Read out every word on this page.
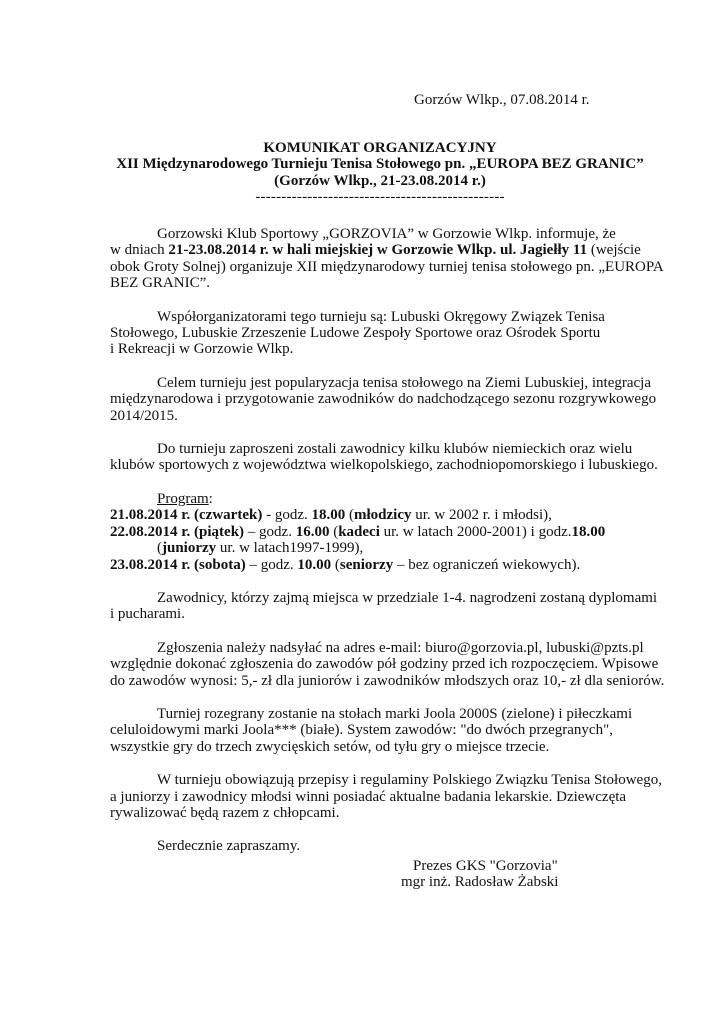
Gorzów Wlkp., 07.08.2014 r.
KOMUNIKAT ORGANIZACYJNY
XII Międzynarodowego Turnieju Tenisa Stołowego pn. „EUROPA BEZ GRANIC”
(Gorzów Wlkp., 21-23.08.2014 r.)
------------------------------------------------
Gorzowski Klub Sportowy „GORZOVIA” w Gorzowie Wlkp. informuje, że
w dniach 21-23.08.2014 r. w hali miejskiej w Gorzowie Wlkp. ul. Jagiełły 11 (wejście
obok Groty Solnej) organizuje XII międzynarodowy turniej tenisa stołowego pn. „EUROPA
BEZ GRANIC”.
Współorganizatorami tego turnieju są: Lubuski Okręgowy Związek Tenisa
Stołowego, Lubuskie Zrzeszenie Ludowe Zespoły Sportowe oraz Ośrodek Sportu
i Rekreacji w Gorzowie Wlkp.
Celem turnieju jest popularyzacja tenisa stołowego na Ziemi Lubuskiej, integracja
międzynarodowa i przygotowanie zawodników do nadchodzącego sezonu rozgrywkowego
2014/2015.
Do turnieju zaproszeni zostali zawodnicy kilku klubów niemieckich oraz wielu
klubów sportowych z województwa wielkopolskiego, zachodniopomorskiego i lubuskiego.
Program:
21.08.2014 r. (czwartek) - godz. 18.00 (młodzicy ur. w 2002 r. i młodsi),
22.08.2014 r. (piątek) – godz. 16.00 (kadeci ur. w latach 2000-2001) i godz.18.00
(juniorzy ur. w latach1997-1999),
23.08.2014 r. (sobota) – godz. 10.00 (seniorzy – bez ograniczeń wiekowych).
Zawodnicy, którzy zajmą miejsca w przedziale 1-4. nagrodzeni zostaną dyplomami
i pucharami.
Zgłoszenia należy nadsyłać na adres e-mail: biuro@gorzovia.pl, lubuski@pzts.pl
względnie dokonać zgłoszenia do zawodów pół godziny przed ich rozpoczęciem. Wpisowe
do zawodów wynosi: 5,- zł dla juniorów i zawodników młodszych oraz 10,- zł dla seniorów.
Turniej rozegrany zostanie na stołach marki Joola 2000S (zielone) i piłeczkami
celuloidowymi marki Joola*** (białe). System zawodów: "do dwóch przegranych",
wszystkie gry do trzech zwycięskich setów, od tyłu gry o miejsce trzecie.
W turnieju obowiązują przepisy i regulaminy Polskiego Związku Tenisa Stołowego,
a juniorzy i zawodnicy młodsi winni posiadać aktualne badania lekarskie. Dziewczęta
rywalizować będą razem z chłopcami.
Serdecznie zapraszamy.
Prezes GKS "Gorzovia"
mgr inż. Radosław Żabski
